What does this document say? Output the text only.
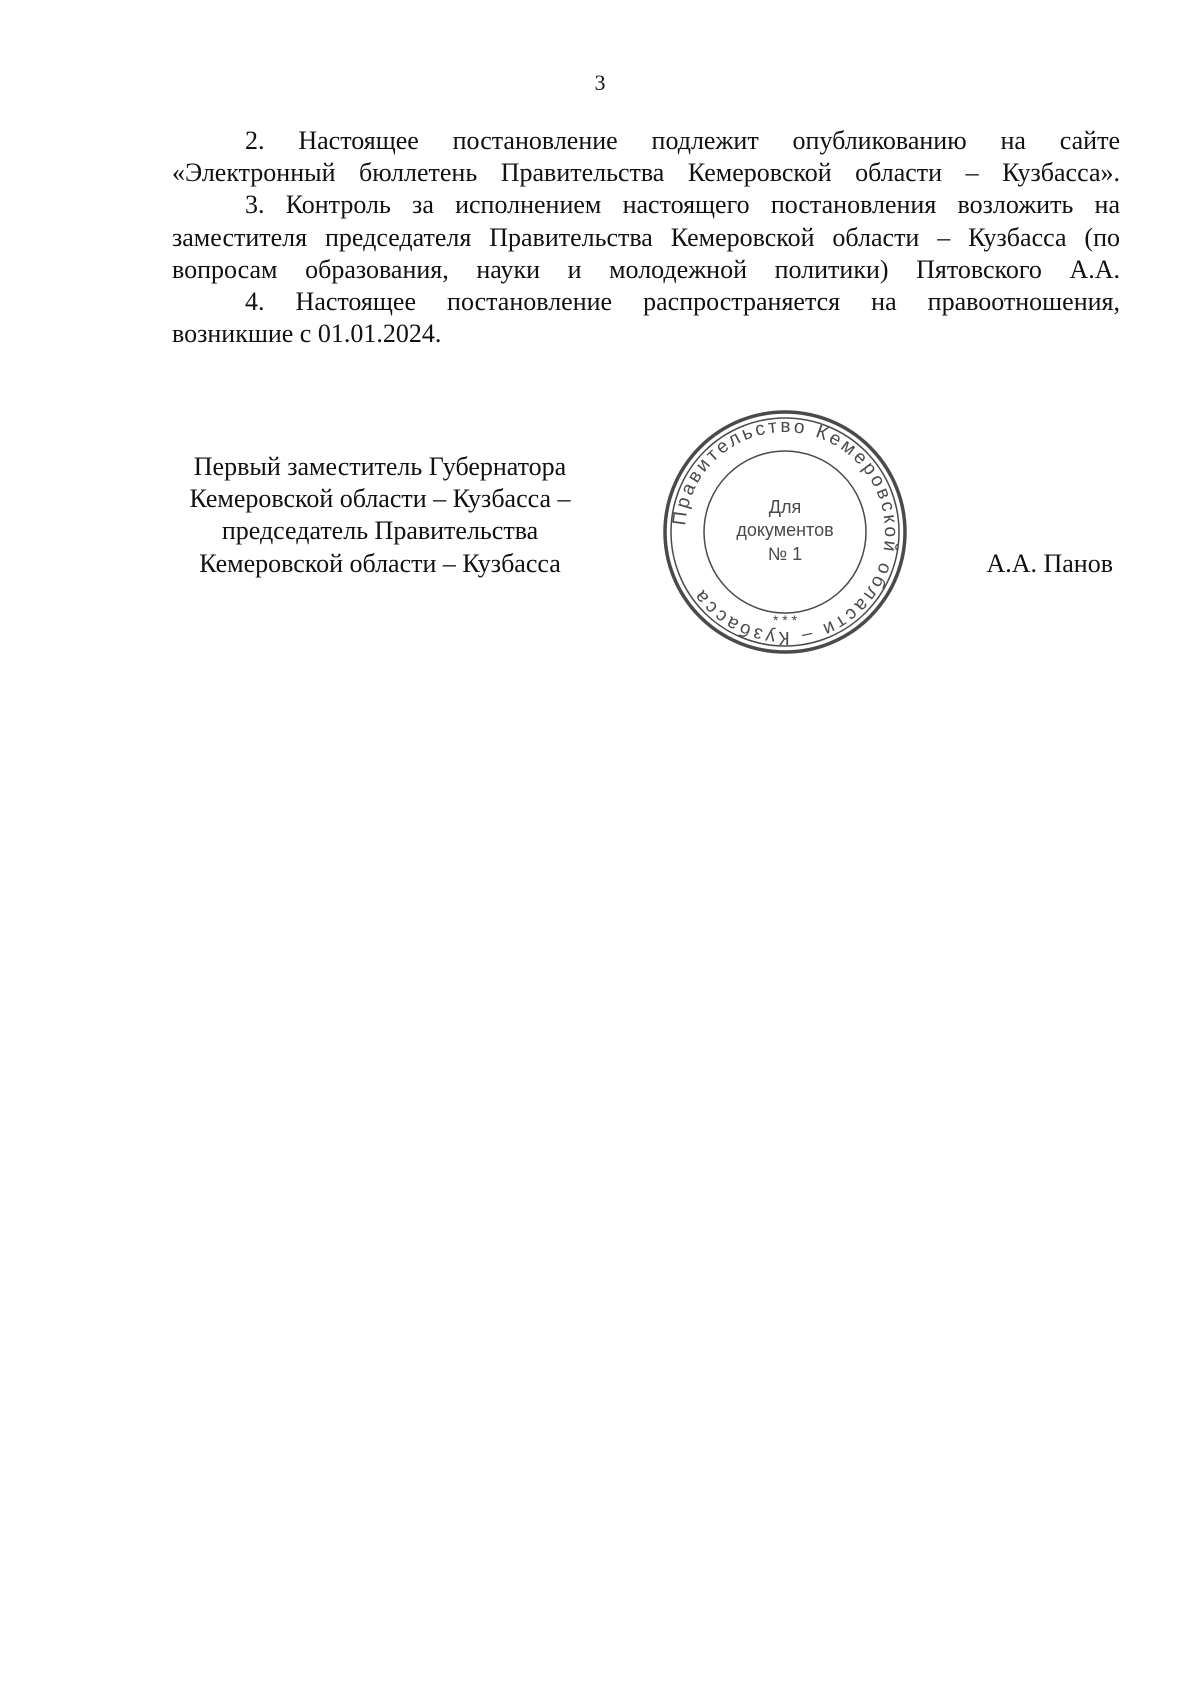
3

2. Настоящее постановление подлежит опубликованию на сайте «Электронный бюллетень Правительства Кемеровской области – Кузбасса».

3. Контроль за исполнением настоящего постановления возложить на заместителя председателя Правительства Кемеровской области – Кузбасса (по вопросам образования, науки и молодежной политики) Пятовского А.А.

4. Настоящее постановление распространяется на правоотношения, возникшие с 01.01.2024.

Первый заместитель Губернатора
Кемеровской области – Кузбасса –
председатель Правительства
Кемеровской области – Кузбасса
Правительство Кемеровской области – Кузбасса
* * *
Для
документов
№ 1	А.А. Панов
